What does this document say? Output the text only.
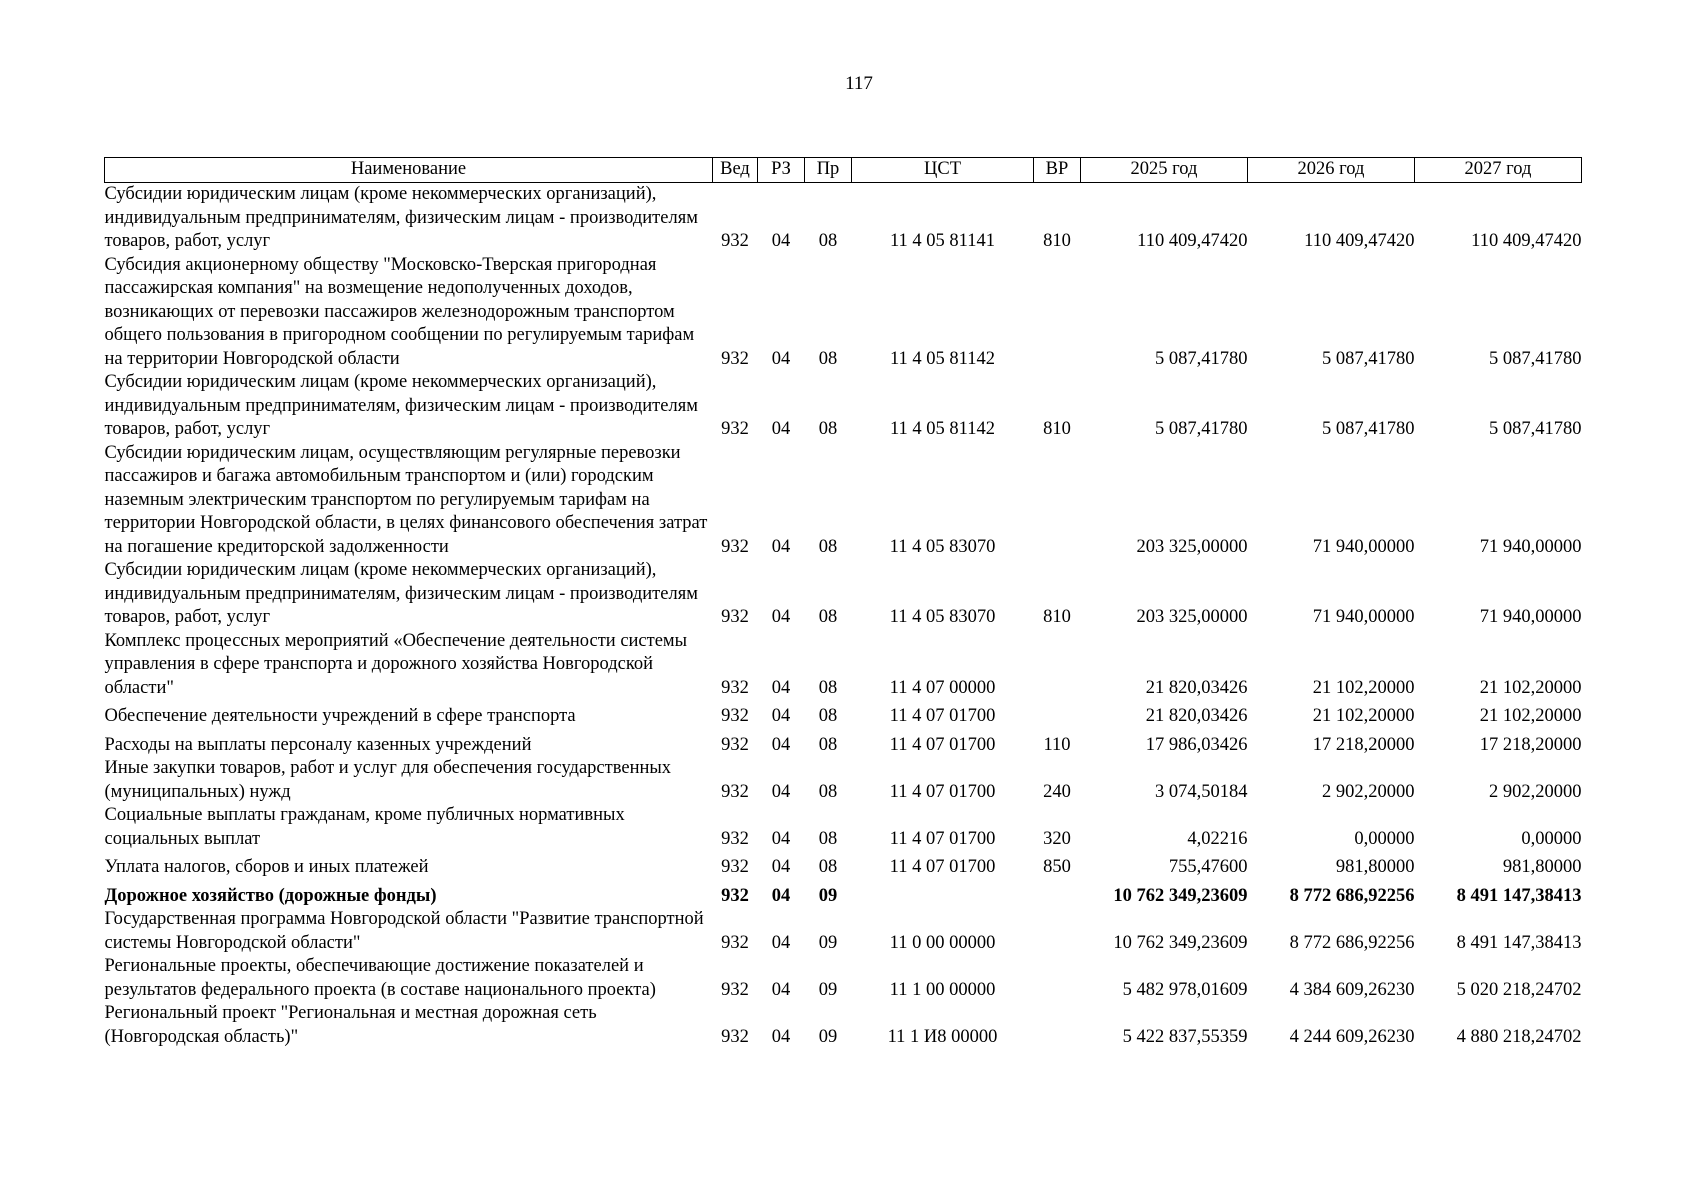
117
Наименование	Вед	РЗ	Пр	ЦСТ	ВР	2025 год	2026 год	2027 год
Субсидии юридическим лицам (кроме некоммерческих организаций), индивидуальным предпринимателям, физическим лицам - производителям товаров, работ, услуг	932	04	08	11 4 05 81141	810	110 409,47420	110 409,47420	110 409,47420
Субсидия акционерному обществу "Московско-Тверская пригородная пассажирская компания" на возмещение недополученных доходов, возникающих от перевозки пассажиров железнодорожным транспортом общего пользования в пригородном сообщении по регулируемым тарифам на территории Новгородской области	932	04	08	11 4 05 81142		5 087,41780	5 087,41780	5 087,41780
Субсидии юридическим лицам (кроме некоммерческих организаций), индивидуальным предпринимателям, физическим лицам - производителям товаров, работ, услуг	932	04	08	11 4 05 81142	810	5 087,41780	5 087,41780	5 087,41780
Субсидии юридическим лицам, осуществляющим регулярные перевозки пассажиров и багажа автомобильным транспортом и (или) городским наземным электрическим транспортом по регулируемым тарифам на территории Новгородской области, в целях финансового обеспечения затрат на погашение кредиторской задолженности	932	04	08	11 4 05 83070		203 325,00000	71 940,00000	71 940,00000
Субсидии юридическим лицам (кроме некоммерческих организаций), индивидуальным предпринимателям, физическим лицам - производителям товаров, работ, услуг	932	04	08	11 4 05 83070	810	203 325,00000	71 940,00000	71 940,00000
Комплекс процессных мероприятий «Обеспечение деятельности системы управления в сфере транспорта и дорожного хозяйства Новгородской области"	932	04	08	11 4 07 00000		21 820,03426	21 102,20000	21 102,20000
Обеспечение деятельности учреждений в сфере транспорта	932	04	08	11 4 07 01700		21 820,03426	21 102,20000	21 102,20000
Расходы на выплаты персоналу казенных учреждений	932	04	08	11 4 07 01700	110	17 986,03426	17 218,20000	17 218,20000
Иные закупки товаров, работ и услуг для обеспечения государственных (муниципальных) нужд	932	04	08	11 4 07 01700	240	3 074,50184	2 902,20000	2 902,20000
Социальные выплаты гражданам, кроме публичных нормативных социальных выплат	932	04	08	11 4 07 01700	320	4,02216	0,00000	0,00000
Уплата налогов, сборов и иных платежей	932	04	08	11 4 07 01700	850	755,47600	981,80000	981,80000
Дорожное хозяйство (дорожные фонды)	932	04	09			10 762 349,23609	8 772 686,92256	8 491 147,38413
Государственная программа Новгородской области "Развитие транспортной системы Новгородской области"	932	04	09	11 0 00 00000		10 762 349,23609	8 772 686,92256	8 491 147,38413
Региональные проекты, обеспечивающие достижение показателей и результатов федерального проекта (в составе национального проекта)	932	04	09	11 1 00 00000		5 482 978,01609	4 384 609,26230	5 020 218,24702
Региональный проект "Региональная и местная дорожная сеть (Новгородская область)"	932	04	09	11 1 И8 00000		5 422 837,55359	4 244 609,26230	4 880 218,24702
